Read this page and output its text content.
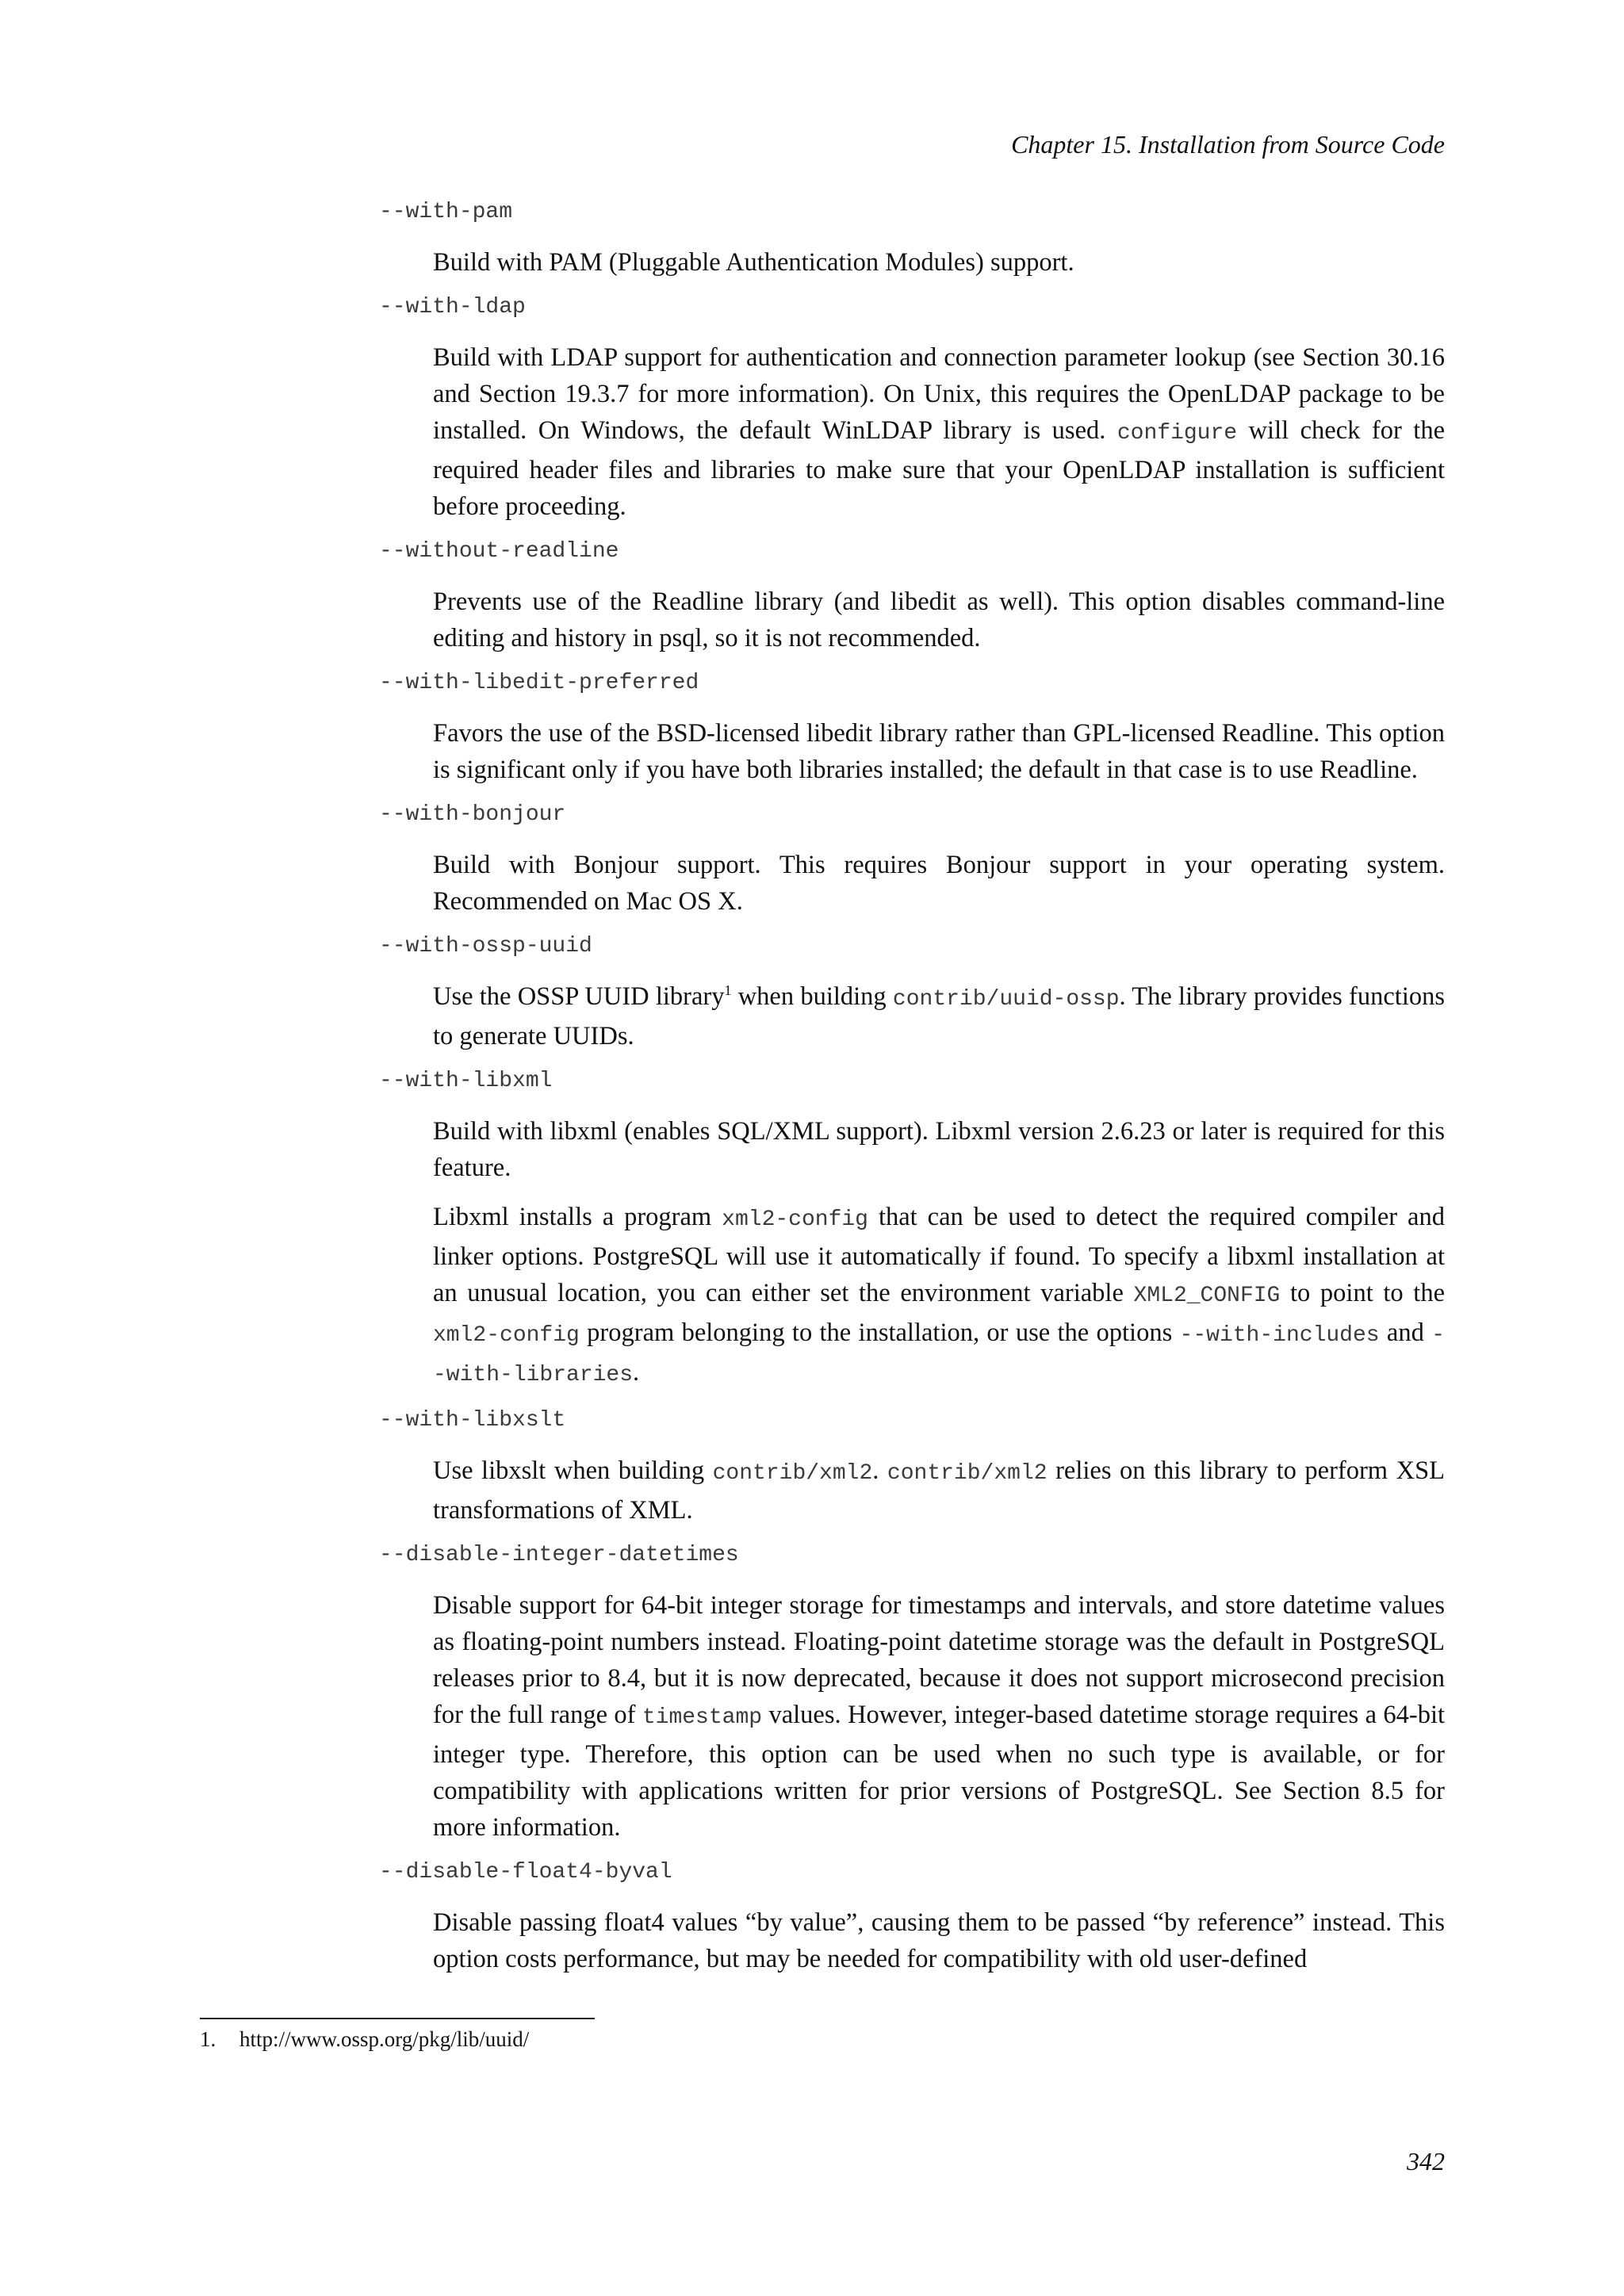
Chapter 15. Installation from Source Code
--with-pam

Build with PAM (Pluggable Authentication Modules) support.

--with-ldap

Build with LDAP support for authentication and connection parameter lookup (see Section 30.16 and Section 19.3.7 for more information). On Unix, this requires the OpenLDAP package to be installed. On Windows, the default WinLDAP library is used. configure will check for the required header files and libraries to make sure that your OpenLDAP installation is sufficient before proceeding.

--without-readline

Prevents use of the Readline library (and libedit as well). This option disables command-line editing and history in psql, so it is not recommended.

--with-libedit-preferred

Favors the use of the BSD-licensed libedit library rather than GPL-licensed Readline. This option is significant only if you have both libraries installed; the default in that case is to use Readline.

--with-bonjour

Build with Bonjour support. This requires Bonjour support in your operating system. Recommended on Mac OS X.

--with-ossp-uuid

Use the OSSP UUID library$^1$ when building contrib/uuid-ossp. The library provides functions to generate UUIDs.

--with-libxml

Build with libxml (enables SQL/XML support). Libxml version 2.6.23 or later is required for this feature.

Libxml installs a program xml2-config that can be used to detect the required compiler and linker options. PostgreSQL will use it automatically if found. To specify a libxml installation at an unusual location, you can either set the environment variable XML2_CONFIG to point to the xml2-config program belonging to the installation, or use the options --with-includes and --with-libraries.

--with-libxslt

Use libxslt when building contrib/xml2. contrib/xml2 relies on this library to perform XSL transformations of XML.

--disable-integer-datetimes

Disable support for 64-bit integer storage for timestamps and intervals, and store datetime values as floating-point numbers instead. Floating-point datetime storage was the default in PostgreSQL releases prior to 8.4, but it is now deprecated, because it does not support microsecond precision for the full range of timestamp values. However, integer-based datetime storage requires a 64-bit integer type. Therefore, this option can be used when no such type is available, or for compatibility with applications written for prior versions of PostgreSQL. See Section 8.5 for more information.

--disable-float4-byval

Disable passing float4 values “by value”, causing them to be passed “by reference” instead. This option costs performance, but may be needed for compatibility with old user-defined

1. http://www.ossp.org/pkg/lib/uuid/
342
